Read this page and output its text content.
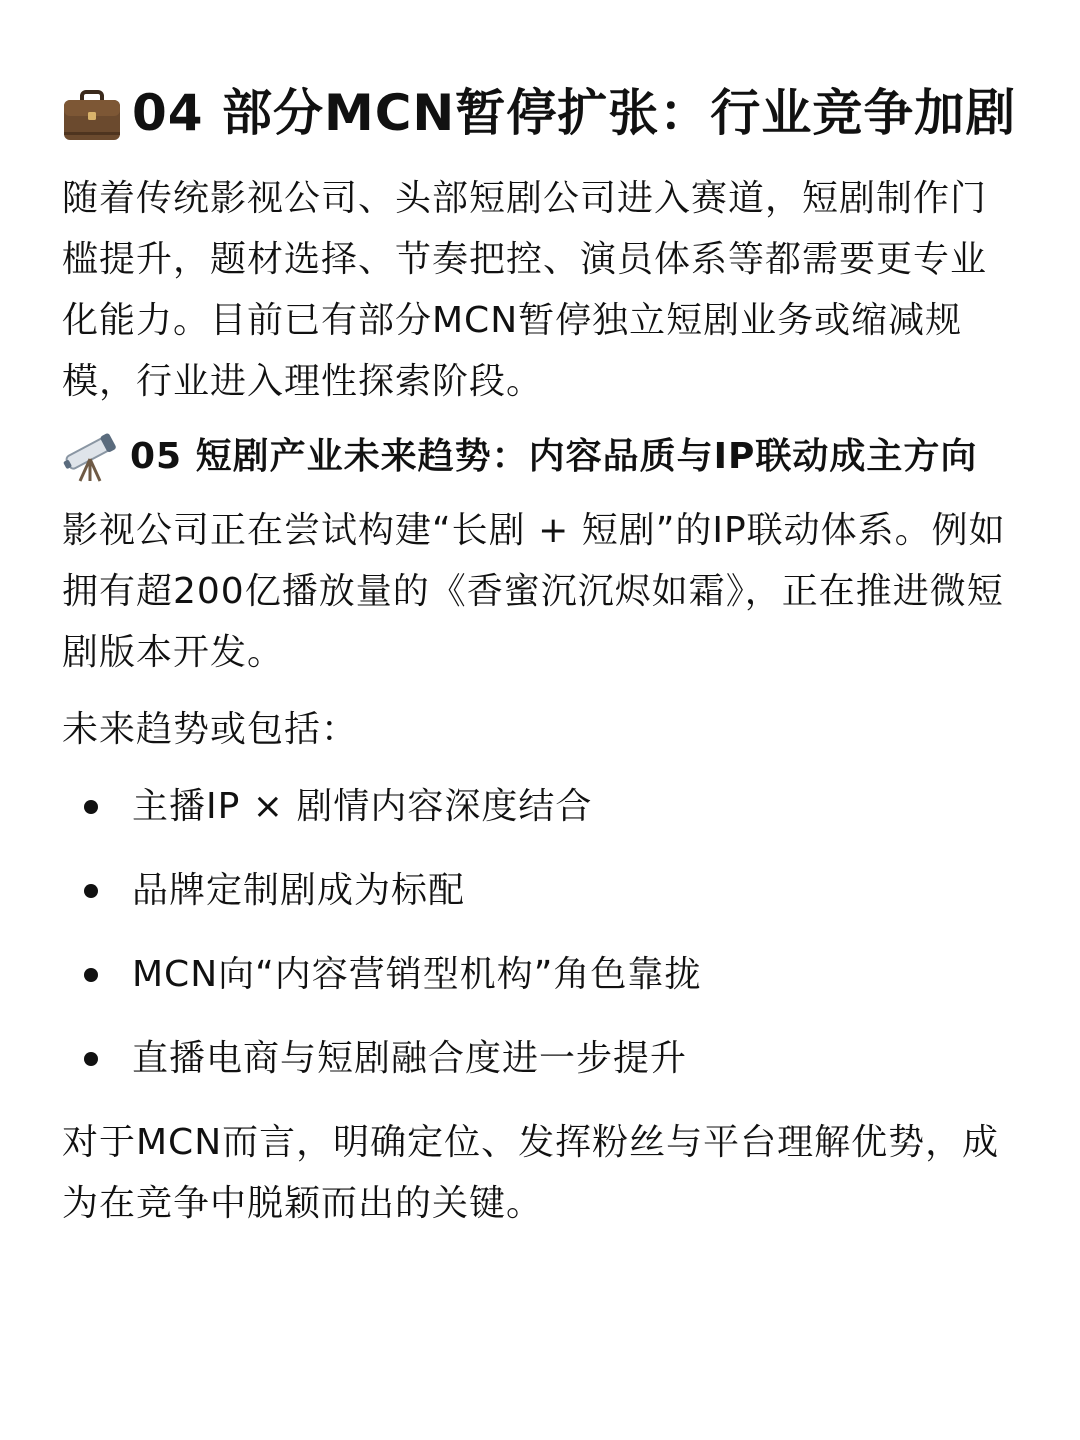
04 部分MCN暂停扩张：行业竞争加剧

随着传统影视公司、头部短剧公司进入赛道，短剧制作门槛提升，题材选择、节奏把控、演员体系等都需要更专业化能力。目前已有部分MCN暂停独立短剧业务或缩减规模，行业进入理性探索阶段。

05 短剧产业未来趋势：内容品质与IP联动成主方向

影视公司正在尝试构建“长剧 + 短剧”的IP联动体系。例如拥有超200亿播放量的《香蜜沉沉烬如霜》，正在推进微短剧版本开发。

未来趋势或包括：

主播IP × 剧情内容深度结合
品牌定制剧成为标配
MCN向“内容营销型机构”角色靠拢
直播电商与短剧融合度进一步提升

对于MCN而言，明确定位、发挥粉丝与平台理解优势，成为在竞争中脱颖而出的关键。
